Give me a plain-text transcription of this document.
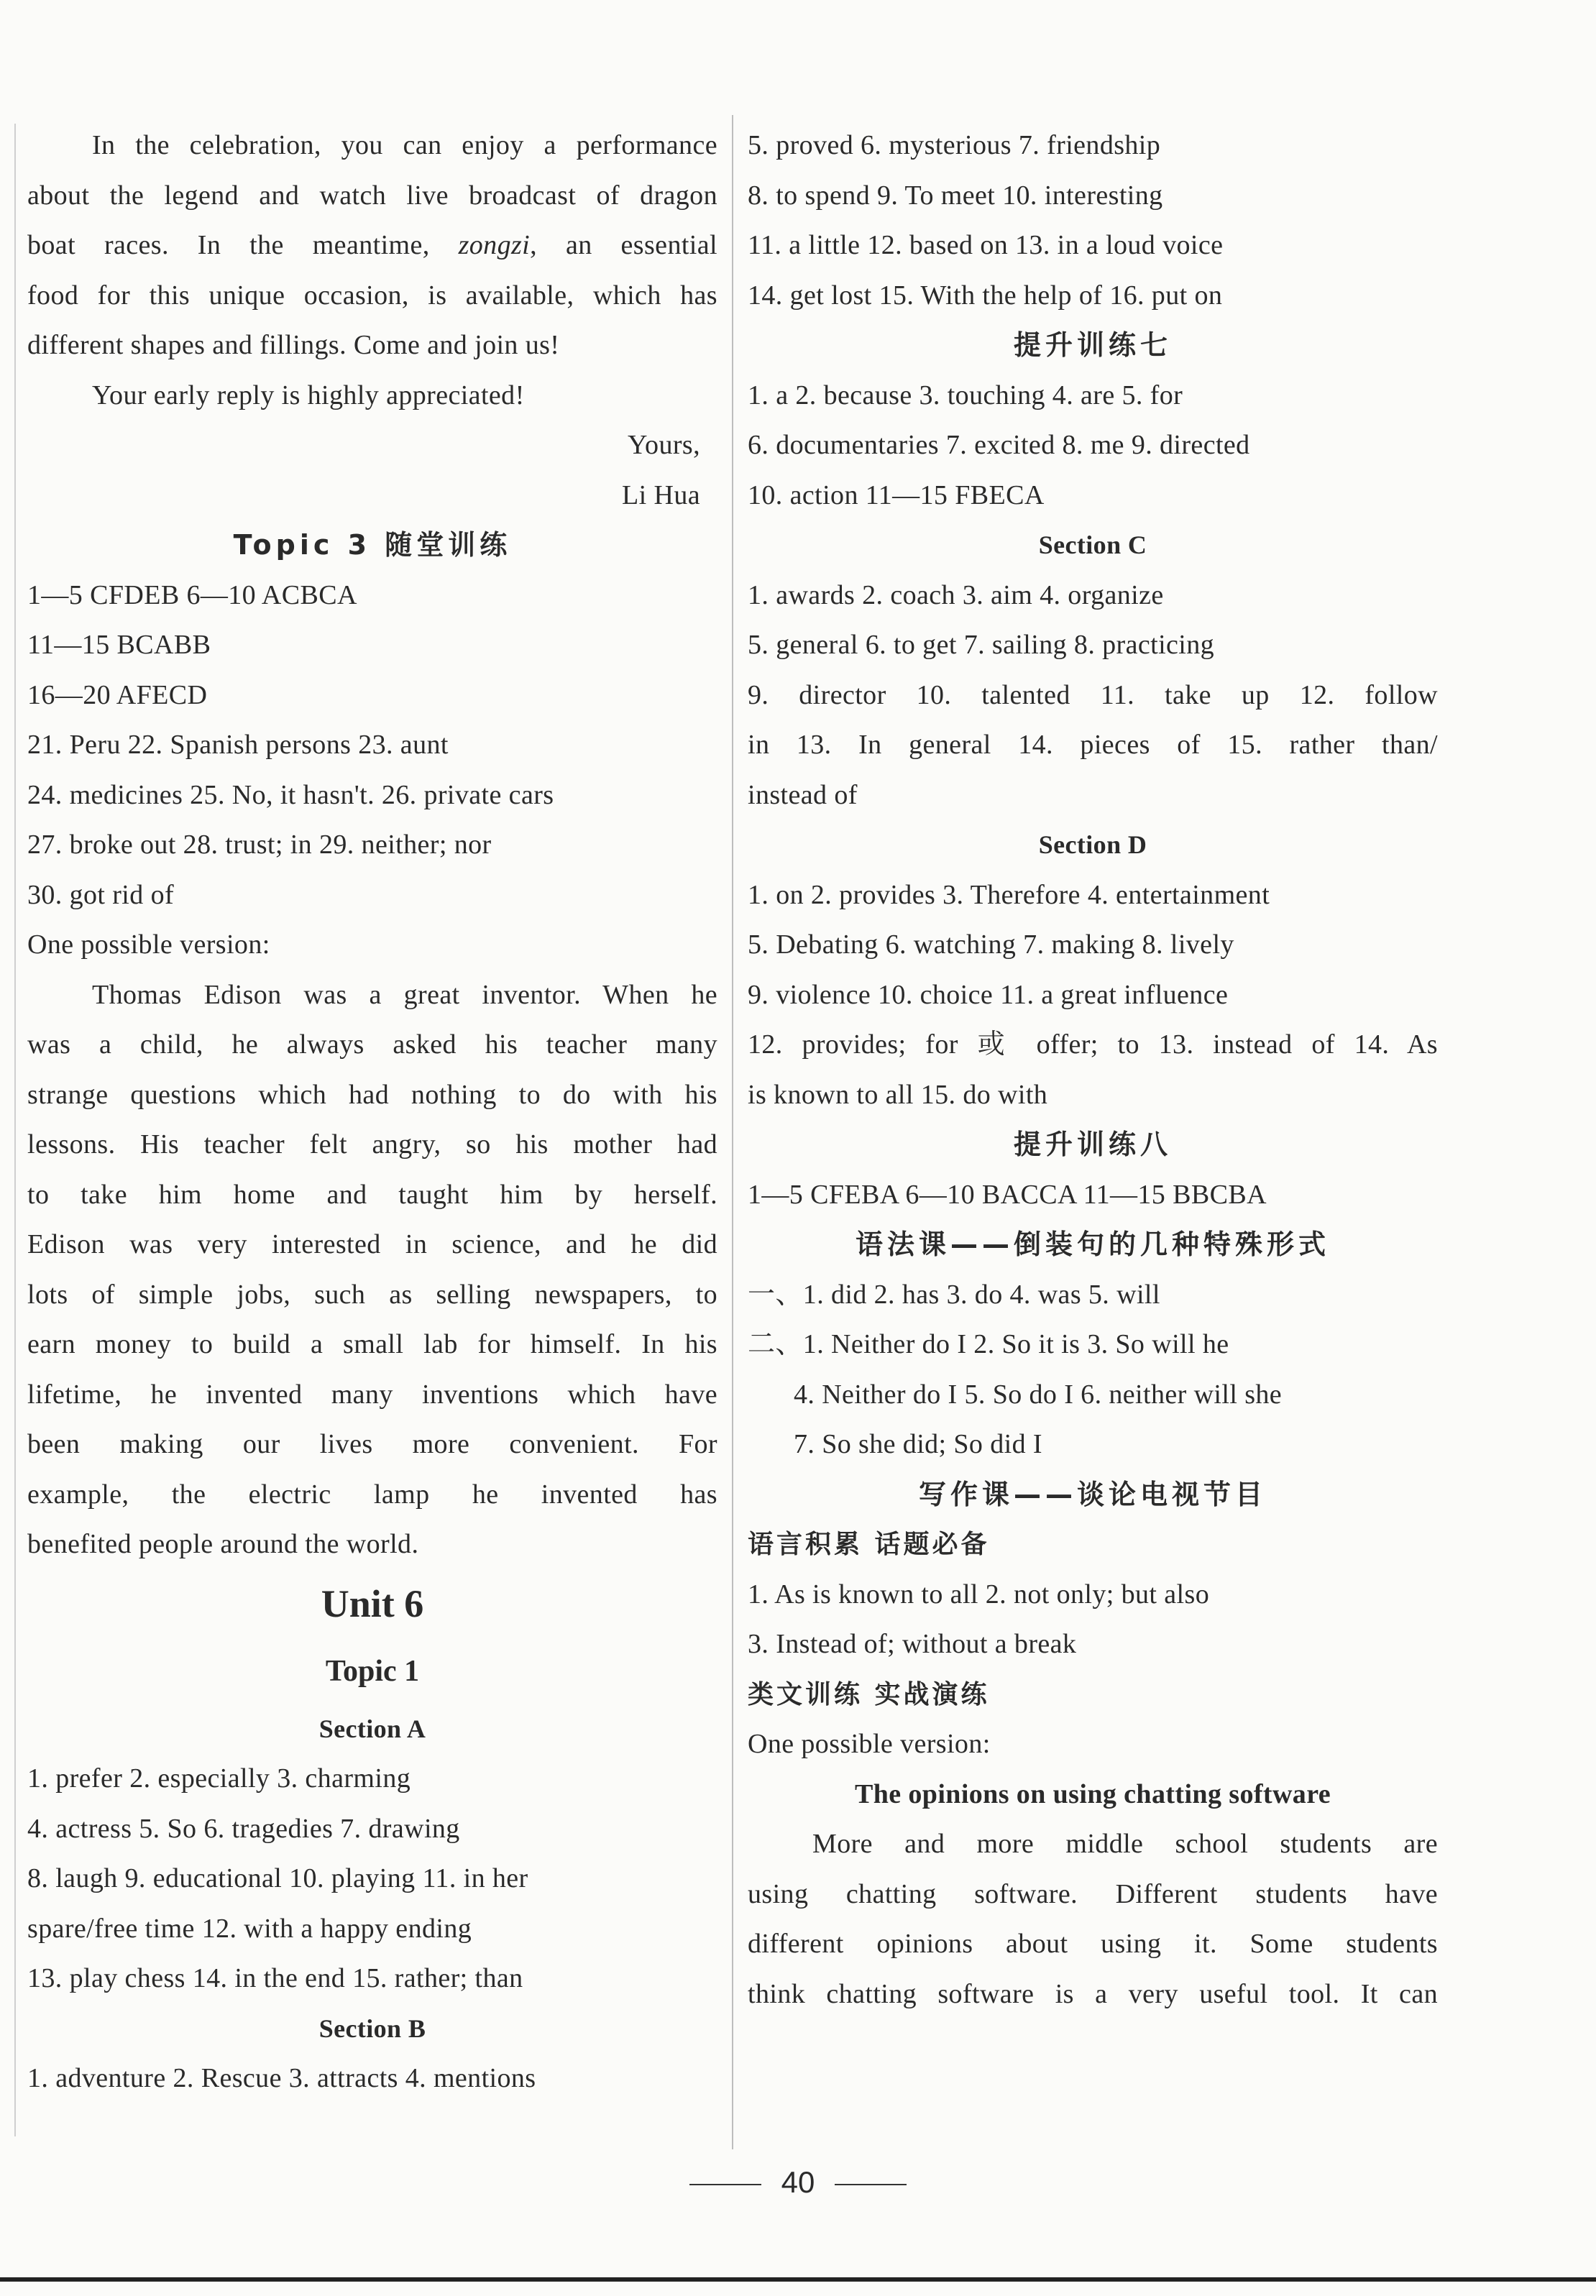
In the celebration, you can enjoy a performance
about the legend and watch live broadcast of dragon
boat races. In the meantime, zongzi, an essential
food for this unique occasion, is available, which has
different shapes and fillings. Come and join us!
Your early reply is highly appreciated!
Yours,
Li Hua
Topic 3 随堂训练
1—5 CFDEB 6—10 ACBCA
11—15 BCABB
16—20 AFECD
21. Peru 22. Spanish persons 23. aunt
24. medicines 25. No, it hasn't. 26. private cars
27. broke out 28. trust; in 29. neither; nor
30. got rid of
One possible version:
Thomas Edison was a great inventor. When he
was a child, he always asked his teacher many
strange questions which had nothing to do with his
lessons. His teacher felt angry, so his mother had
to take him home and taught him by herself.
Edison was very interested in science, and he did
lots of simple jobs, such as selling newspapers, to
earn money to build a small lab for himself. In his
lifetime, he invented many inventions which have
been making our lives more convenient. For
example, the electric lamp he invented has
benefited people around the world.
Unit 6
Topic 1
Section A
1. prefer 2. especially 3. charming
4. actress 5. So 6. tragedies 7. drawing
8. laugh 9. educational 10. playing 11. in her
spare/free time 12. with a happy ending
13. play chess 14. in the end 15. rather; than
Section B
1. adventure 2. Rescue 3. attracts 4. mentions
5. proved 6. mysterious 7. friendship
8. to spend 9. To meet 10. interesting
11. a little 12. based on 13. in a loud voice
14. get lost 15. With the help of 16. put on
提升训练七
1. a 2. because 3. touching 4. are 5. for
6. documentaries 7. excited 8. me 9. directed
10. action 11—15 FBECA
Section C
1. awards 2. coach 3. aim 4. organize
5. general 6. to get 7. sailing 8. practicing
9. director 10. talented 11. take up 12. follow
in 13. In general 14. pieces of 15. rather than/
instead of
Section D
1. on 2. provides 3. Therefore 4. entertainment
5. Debating 6. watching 7. making 8. lively
9. violence 10. choice 11. a great influence
12. provides; for 或 offer; to 13. instead of 14. As
is known to all 15. do with
提升训练八
1—5 CFEBA 6—10 BACCA 11—15 BBCBA
语法课——倒装句的几种特殊形式
一、1. did 2. has 3. do 4. was 5. will
二、1. Neither do I 2. So it is 3. So will he
4. Neither do I 5. So do I 6. neither will she
7. So she did; So did I
写作课——谈论电视节目
语言积累 话题必备
1. As is known to all 2. not only; but also
3. Instead of; without a break
类文训练 实战演练
One possible version:
The opinions on using chatting software
More and more middle school students are
using chatting software. Different students have
different opinions about using it. Some students
think chatting software is a very useful tool. It can
40
